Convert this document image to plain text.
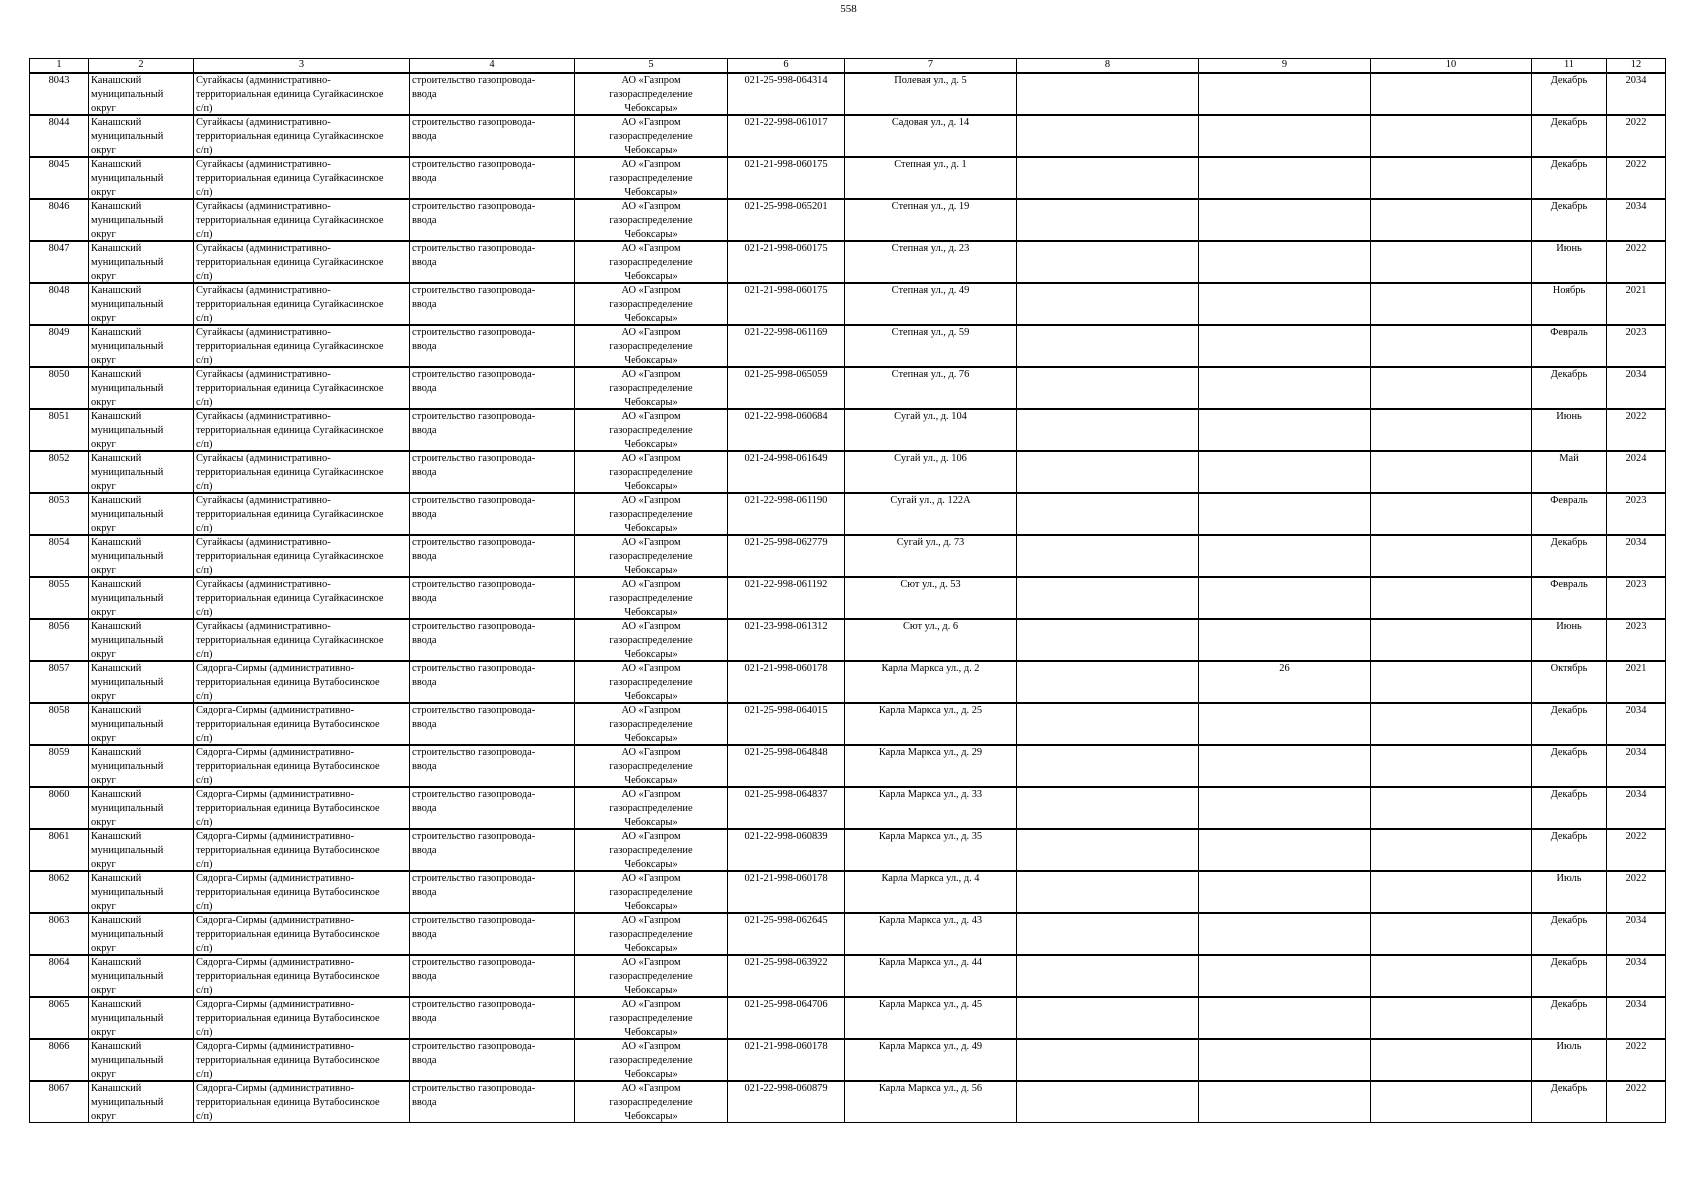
558
1	2	3	4	5	6	7	8	9	10	11	12

8043	Канашский
муниципальный
округ	Сугайкасы (административно-
территориальная единица Сугайкасинское
с/п)	строительство газопровода-
ввода	АО «Газпром
газораспределение
Чебоксары»	021-25-998-064314	Полевая ул., д. 5				Декабрь	2034

8044	Канашский
муниципальный
округ	Сугайкасы (административно-
территориальная единица Сугайкасинское
с/п)	строительство газопровода-
ввода	АО «Газпром
газораспределение
Чебоксары»	021-22-998-061017	Садовая ул., д. 14				Декабрь	2022

8045	Канашский
муниципальный
округ	Сугайкасы (административно-
территориальная единица Сугайкасинское
с/п)	строительство газопровода-
ввода	АО «Газпром
газораспределение
Чебоксары»	021-21-998-060175	Степная ул., д. 1				Декабрь	2022

8046	Канашский
муниципальный
округ	Сугайкасы (административно-
территориальная единица Сугайкасинское
с/п)	строительство газопровода-
ввода	АО «Газпром
газораспределение
Чебоксары»	021-25-998-065201	Степная ул., д. 19				Декабрь	2034

8047	Канашский
муниципальный
округ	Сугайкасы (административно-
территориальная единица Сугайкасинское
с/п)	строительство газопровода-
ввода	АО «Газпром
газораспределение
Чебоксары»	021-21-998-060175	Степная ул., д. 23				Июнь	2022

8048	Канашский
муниципальный
округ	Сугайкасы (административно-
территориальная единица Сугайкасинское
с/п)	строительство газопровода-
ввода	АО «Газпром
газораспределение
Чебоксары»	021-21-998-060175	Степная ул., д. 49				Ноябрь	2021

8049	Канашский
муниципальный
округ	Сугайкасы (административно-
территориальная единица Сугайкасинское
с/п)	строительство газопровода-
ввода	АО «Газпром
газораспределение
Чебоксары»	021-22-998-061169	Степная ул., д. 59				Февраль	2023

8050	Канашский
муниципальный
округ	Сугайкасы (административно-
территориальная единица Сугайкасинское
с/п)	строительство газопровода-
ввода	АО «Газпром
газораспределение
Чебоксары»	021-25-998-065059	Степная ул., д. 76				Декабрь	2034

8051	Канашский
муниципальный
округ	Сугайкасы (административно-
территориальная единица Сугайкасинское
с/п)	строительство газопровода-
ввода	АО «Газпром
газораспределение
Чебоксары»	021-22-998-060684	Сугай ул., д. 104				Июнь	2022

8052	Канашский
муниципальный
округ	Сугайкасы (административно-
территориальная единица Сугайкасинское
с/п)	строительство газопровода-
ввода	АО «Газпром
газораспределение
Чебоксары»	021-24-998-061649	Сугай ул., д. 106				Май	2024

8053	Канашский
муниципальный
округ	Сугайкасы (административно-
территориальная единица Сугайкасинское
с/п)	строительство газопровода-
ввода	АО «Газпром
газораспределение
Чебоксары»	021-22-998-061190	Сугай ул., д. 122А				Февраль	2023

8054	Канашский
муниципальный
округ	Сугайкасы (административно-
территориальная единица Сугайкасинское
с/п)	строительство газопровода-
ввода	АО «Газпром
газораспределение
Чебоксары»	021-25-998-062779	Сугай ул., д. 73				Декабрь	2034

8055	Канашский
муниципальный
округ	Сугайкасы (административно-
территориальная единица Сугайкасинское
с/п)	строительство газопровода-
ввода	АО «Газпром
газораспределение
Чебоксары»	021-22-998-061192	Сют ул., д. 53				Февраль	2023

8056	Канашский
муниципальный
округ	Сугайкасы (административно-
территориальная единица Сугайкасинское
с/п)	строительство газопровода-
ввода	АО «Газпром
газораспределение
Чебоксары»	021-23-998-061312	Сют ул., д. 6				Июнь	2023

8057	Канашский
муниципальный
округ	Сядорга-Сирмы (административно-
территориальная единица Вутабосинское
с/п)	строительство газопровода-
ввода	АО «Газпром
газораспределение
Чебоксары»	021-21-998-060178	Карла Маркса ул., д. 2		26		Октябрь	2021

8058	Канашский
муниципальный
округ	Сядорга-Сирмы (административно-
территориальная единица Вутабосинское
с/п)	строительство газопровода-
ввода	АО «Газпром
газораспределение
Чебоксары»	021-25-998-064015	Карла Маркса ул., д. 25				Декабрь	2034

8059	Канашский
муниципальный
округ	Сядорга-Сирмы (административно-
территориальная единица Вутабосинское
с/п)	строительство газопровода-
ввода	АО «Газпром
газораспределение
Чебоксары»	021-25-998-064848	Карла Маркса ул., д. 29				Декабрь	2034

8060	Канашский
муниципальный
округ	Сядорга-Сирмы (административно-
территориальная единица Вутабосинское
с/п)	строительство газопровода-
ввода	АО «Газпром
газораспределение
Чебоксары»	021-25-998-064837	Карла Маркса ул., д. 33				Декабрь	2034

8061	Канашский
муниципальный
округ	Сядорга-Сирмы (административно-
территориальная единица Вутабосинское
с/п)	строительство газопровода-
ввода	АО «Газпром
газораспределение
Чебоксары»	021-22-998-060839	Карла Маркса ул., д. 35				Декабрь	2022

8062	Канашский
муниципальный
округ	Сядорга-Сирмы (административно-
территориальная единица Вутабосинское
с/п)	строительство газопровода-
ввода	АО «Газпром
газораспределение
Чебоксары»	021-21-998-060178	Карла Маркса ул., д. 4				Июль	2022

8063	Канашский
муниципальный
округ	Сядорга-Сирмы (административно-
территориальная единица Вутабосинское
с/п)	строительство газопровода-
ввода	АО «Газпром
газораспределение
Чебоксары»	021-25-998-062645	Карла Маркса ул., д. 43				Декабрь	2034

8064	Канашский
муниципальный
округ	Сядорга-Сирмы (административно-
территориальная единица Вутабосинское
с/п)	строительство газопровода-
ввода	АО «Газпром
газораспределение
Чебоксары»	021-25-998-063922	Карла Маркса ул., д. 44				Декабрь	2034

8065	Канашский
муниципальный
округ	Сядорга-Сирмы (административно-
территориальная единица Вутабосинское
с/п)	строительство газопровода-
ввода	АО «Газпром
газораспределение
Чебоксары»	021-25-998-064706	Карла Маркса ул., д. 45				Декабрь	2034

8066	Канашский
муниципальный
округ	Сядорга-Сирмы (административно-
территориальная единица Вутабосинское
с/п)	строительство газопровода-
ввода	АО «Газпром
газораспределение
Чебоксары»	021-21-998-060178	Карла Маркса ул., д. 49				Июль	2022

8067	Канашский
муниципальный
округ	Сядорга-Сирмы (административно-
территориальная единица Вутабосинское
с/п)	строительство газопровода-
ввода	АО «Газпром
газораспределение
Чебоксары»	021-22-998-060879	Карла Маркса ул., д. 56				Декабрь	2022
